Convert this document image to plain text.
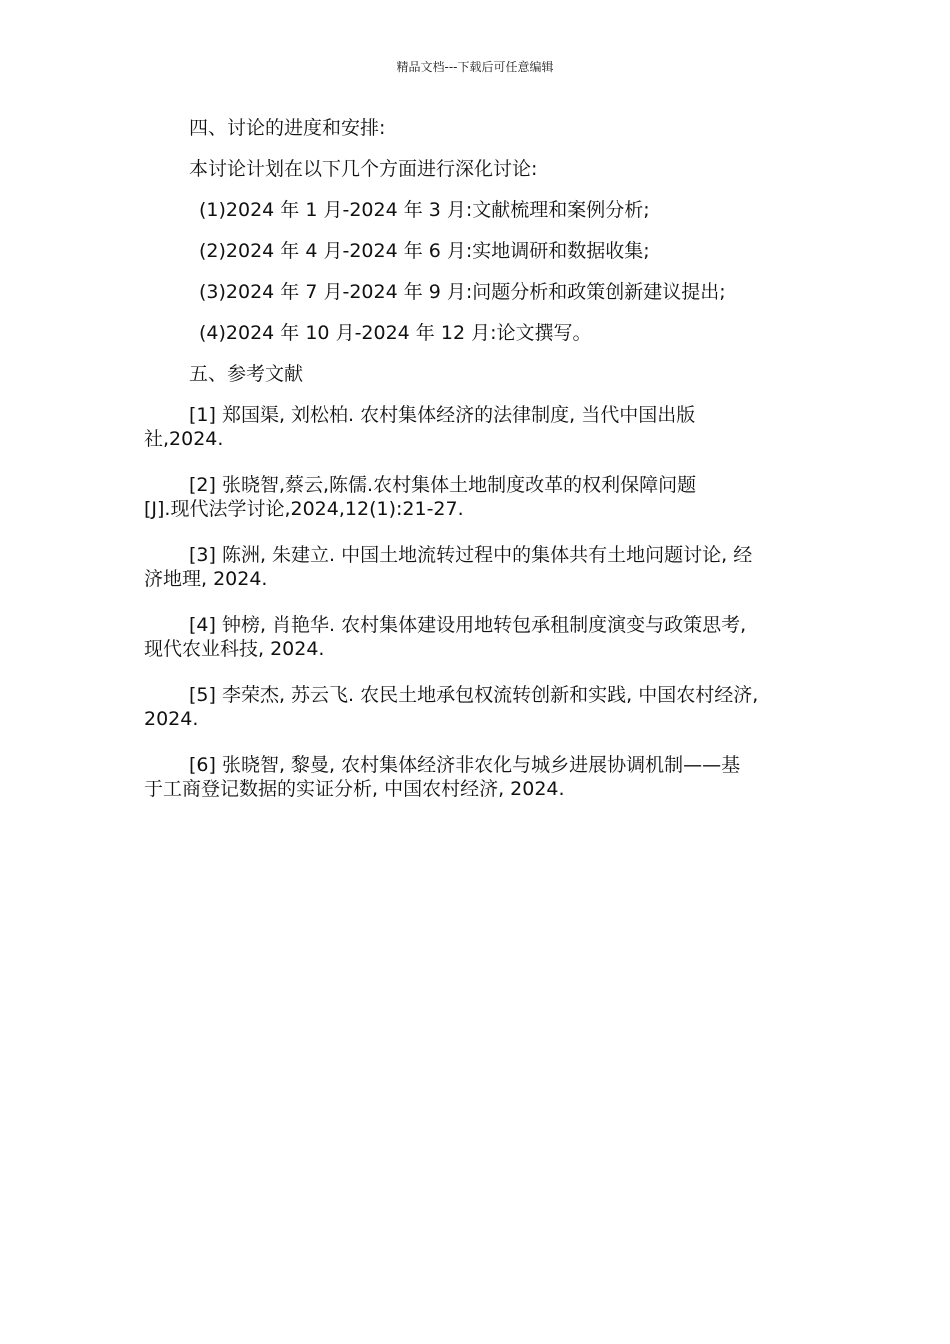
精品文档---下载后可任意编辑

四、讨论的进度和安排:

本讨论计划在以下几个方面进行深化讨论:

(1)2024 年 1 月-2024 年 3 月:文献梳理和案例分析;

(2)2024 年 4 月-2024 年 6 月:实地调研和数据收集;

(3)2024 年 7 月-2024 年 9 月:问题分析和政策创新建议提出;

(4)2024 年 10 月-2024 年 12 月:论文撰写。

五、参考文献

[1] 郑国渠, 刘松柏. 农村集体经济的法律制度, 当代中国出版
社,2024.
[2] 张晓智,蔡云,陈儒.农村集体土地制度改革的权利保障问题
[J].现代法学讨论,2024,12(1):21-27.
[3] 陈洲, 朱建立. 中国土地流转过程中的集体共有土地问题讨论, 经
济地理, 2024.
[4] 钟榜, 肖艳华. 农村集体建设用地转包承租制度演变与政策思考,
现代农业科技, 2024.
[5] 李荣杰, 苏云飞. 农民土地承包权流转创新和实践, 中国农村经济,
2024.
[6] 张晓智, 黎曼, 农村集体经济非农化与城乡进展协调机制——基
于工商登记数据的实证分析, 中国农村经济, 2024.
